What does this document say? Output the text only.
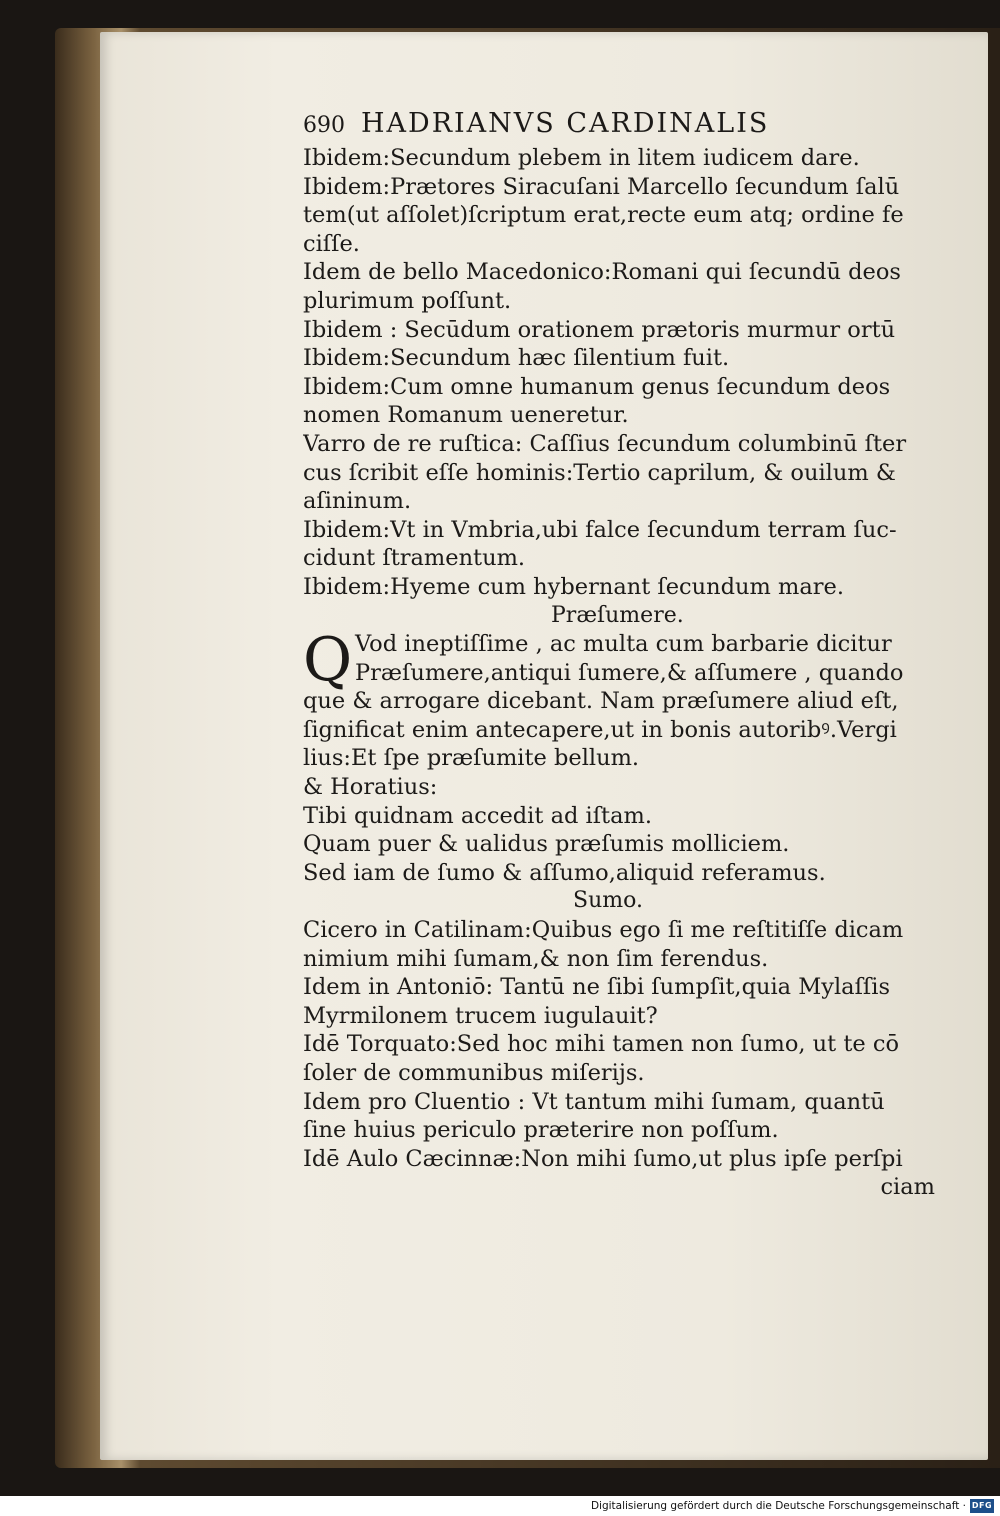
690 HADRIANVS CARDINALIS
Ibidem:Secundum plebem in litem iudicem dare.
Ibidem:Prætores Siracuſani Marcello ſecundum ſalū
tem(ut aſſolet)ſcriptum erat,recte eum atq; ordine fe
ciſſe.
Idem de bello Macedonico:Romani qui ſecundū deos
plurimum poſſunt.
Ibidem : Secūdum orationem prætoris murmur ortū
Ibidem:Secundum hæc ſilentium fuit.
Ibidem:Cum omne humanum genus ſecundum deos
nomen Romanum ueneretur.
Varro de re ruſtica: Caſſius ſecundum columbinū ſter
cus ſcribit eſſe hominis:Tertio caprilum, & ouilum &
aſininum.
Ibidem:Vt in Vmbria,ubi falce ſecundum terram ſuc-
cidunt ſtramentum.
Ibidem:Hyeme cum hybernant ſecundum mare.
Præſumere.
Q Vod ineptiſſime , ac multa cum barbarie dicitur
Præſumere,antiqui ſumere,& aſſumere , quando
que & arrogare dicebant. Nam præſumere aliud eſt,
ſignificat enim antecapere,ut in bonis autoribꝰ.Vergi
lius:Et ſpe præſumite bellum.
& Horatius:
Tibi quidnam accedit ad iſtam.
Quam puer & ualidus præſumis molliciem.
Sed iam de ſumo & aſſumo,aliquid referamus.
Sumo.
Cicero in Catilinam:Quibus ego ſi me reſtitiſſe dicam
nimium mihi ſumam,& non ſim ferendus.
Idem in Antoniō: Tantū ne ſibi ſumpſit,quia Mylaſſis
Myrmilonem trucem iugulauit?
Idē Torquato:Sed hoc mihi tamen non ſumo, ut te cō
ſoler de communibus miſerijs.
Idem pro Cluentio : Vt tantum mihi ſumam, quantū
ſine huius periculo præterire non poſſum.
Idē Aulo Cæcinnæ:Non mihi ſumo,ut plus ipſe perſpi
ciam
Digitalisierung gefördert durch die Deutsche Forschungsgemeinschaft · DFG
